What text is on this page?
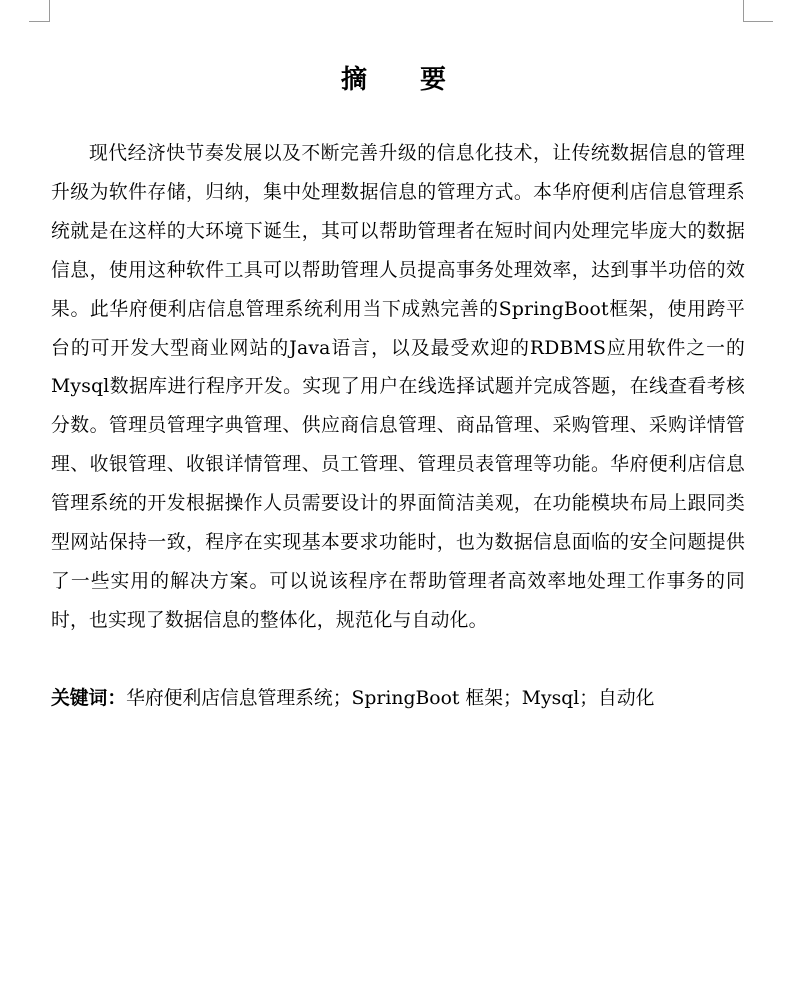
摘 要

现代经济快节奏发展以及不断完善升级的信息化技术，让传统数据信息的管理升级为软件存储，归纳，集中处理数据信息的管理方式。本华府便利店信息管理系统就是在这样的大环境下诞生，其可以帮助管理者在短时间内处理完毕庞大的数据信息，使用这种软件工具可以帮助管理人员提高事务处理效率，达到事半功倍的效果。此华府便利店信息管理系统利用当下成熟完善的SpringBoot框架，使用跨平台的可开发大型商业网站的Java语言，以及最受欢迎的RDBMS应用软件之一的Mysql数据库进行程序开发。实现了用户在线选择试题并完成答题，在线查看考核分数。管理员管理字典管理、供应商信息管理、商品管理、采购管理、采购详情管理、收银管理、收银详情管理、员工管理、管理员表管理等功能。华府便利店信息管理系统的开发根据操作人员需要设计的界面简洁美观，在功能模块布局上跟同类型网站保持一致，程序在实现基本要求功能时，也为数据信息面临的安全问题提供了一些实用的解决方案。可以说该程序在帮助管理者高效率地处理工作事务的同时，也实现了数据信息的整体化，规范化与自动化。

关键词：华府便利店信息管理系统；SpringBoot 框架；Mysql；自动化
